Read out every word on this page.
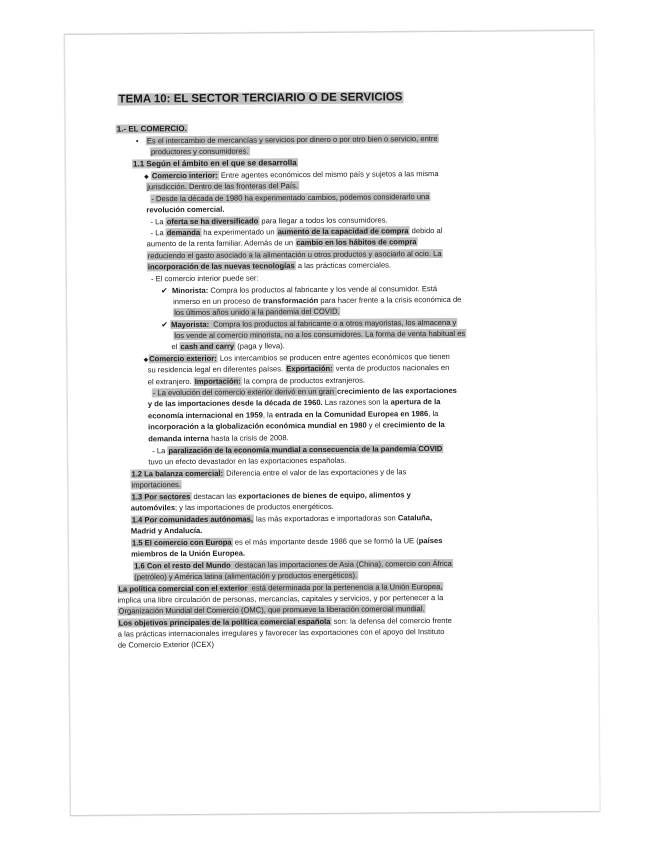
TEMA 10: EL SECTOR TERCIARIO O DE SERVICIOS
1.- EL COMERCIO.
• Es el intercambio de mercancías y servicios por dinero o por otro bien o servicio, entre
productores y consumidores.
1.1 Según el ámbito en el que se desarrolla
◆ Comercio interior: Entre agentes económicos del mismo país y sujetos a las misma
jurisdicción. Dentro de las fronteras del País.
- Desde la década de 1980 ha experimentado cambios, podemos considerarlo una
revolución comercial.
- La oferta se ha diversificado para llegar a todos los consumidores.
- La demanda ha experimentado un aumento de la capacidad de compra debido al
aumento de la renta familiar. Además de un cambio en los hábitos de compra
reduciendo el gasto asociado a la alimentación u otros productos y asociarlo al ocio. La
incorporación de las nuevas tecnologías a las prácticas comerciales.
- El comercio interior puede ser:
✔ Minorista: Compra los productos al fabricante y los vende al consumidor. Está
inmerso en un proceso de transformación para hacer frente a la crisis económica de
los últimos años unido a la pandemia del COVID.
✔ Mayorista: Compra los productos al fabricante o a otros mayoristas, los almacena y
los vende al comercio minorista, no a los consumidores. La forma de venta habitual es
el cash and carry (paga y lleva).
◆Comercio exterior: Los intercambios se producen entre agentes económicos que tienen
su residencia legal en diferentes países. Exportación: venta de productos nacionales en
el extranjero. Importación: la compra de productos extranjeros.
- La evolución del comercio exterior derivó en un gran crecimiento de las exportaciones
y de las importaciones desde la década de 1960. Las razones son la apertura de la
economía internacional en 1959, la entrada en la Comunidad Europea en 1986, la
incorporación a la globalización económica mundial en 1980 y el crecimiento de la
demanda interna hasta la crisis de 2008.
- La paralización de la economía mundial a consecuencia de la pandemia COVID
tuvo un efecto devastador en las exportaciones españolas.
1.2 La balanza comercial: Diferencia entre el valor de las exportaciones y de las
importaciones.
1.3 Por sectores destacan las exportaciones de bienes de equipo, alimentos y
automóviles; y las importaciones de productos energéticos.
1.4 Por comunidades autónomas, las más exportadoras e importadoras son Cataluña,
Madrid y Andalucía.
1.5 El comercio con Europa es el más importante desde 1986 que se formó la UE (países
miembros de la Unión Europea.
1.6 Con el resto del Mundo destacan las importaciones de Asia (China), comercio con África
(petróleo) y América latina (alimentación y productos energéticos).
La política comercial con el exterior está determinada por la pertenencia a la Unión Europea,
implica una libre circulación de personas, mercancías, capitales y servicios, y por pertenecer a la
Organización Mundial del Comercio (OMC), que promueve la liberación comercial mundial.
Los objetivos principales de la política comercial española son: la defensa del comercio frente
a las prácticas internacionales irregulares y favorecer las exportaciones con el apoyo del Instituto
de Comercio Exterior (ICEX)
